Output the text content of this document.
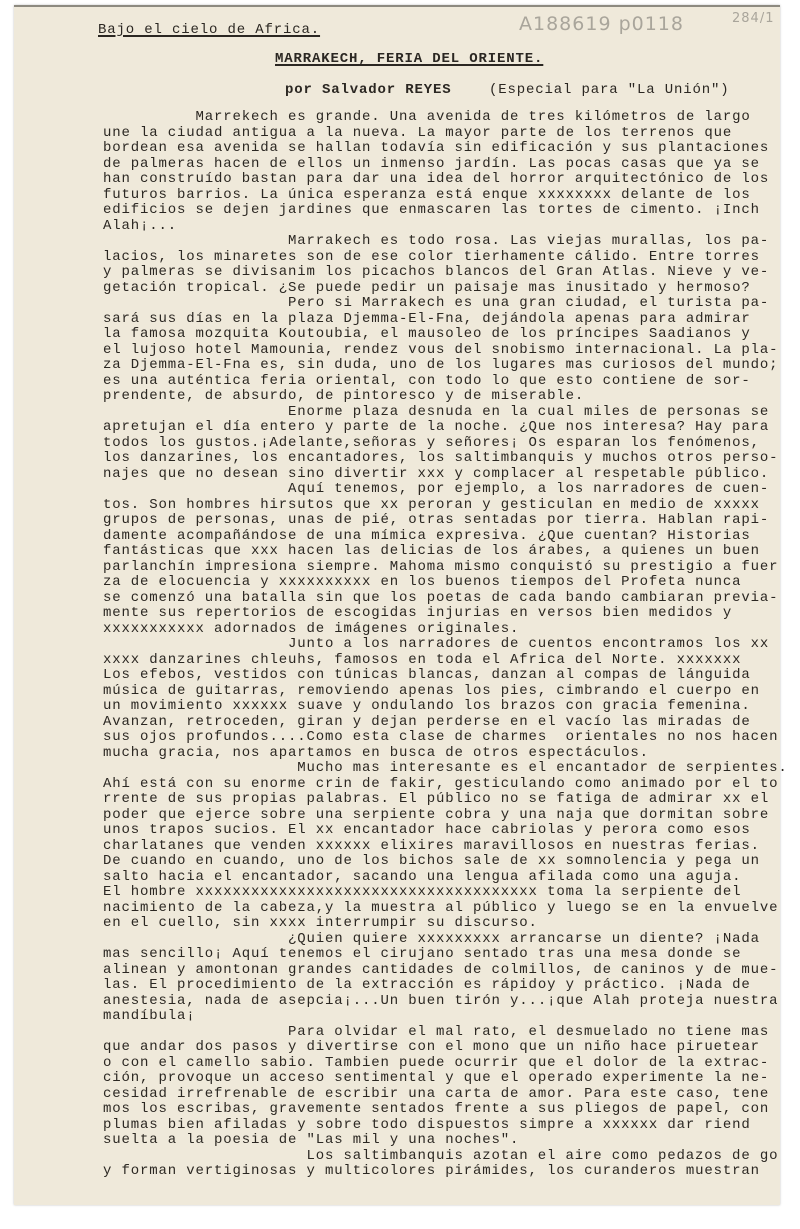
A188619 p0118	284/1
Bajo el cielo de Africa.
MARRAKECH, FERIA DEL ORIENTE.
por Salvador REYES	(Especial para "La Unión")
Marrekech es grande. Una avenida de tres kilómetros de largo
une la ciudad antigua a la nueva. La mayor parte de los terrenos que
bordean esa avenida se hallan todavía sin edificación y sus plantaciones
de palmeras hacen de ellos un inmenso jardín. Las pocas casas que ya se
han construído bastan para dar una idea del horror arquitectónico de los
futuros barrios. La única esperanza está enque xxxxxxxx delante de los
edificios se dejen jardines que enmascaren las tortes de cimento. ¡Inch
Alah¡...
Marrakech es todo rosa. Las viejas murallas, los pa-
lacios, los minaretes son de ese color tierhamente cálido. Entre torres
y palmeras se divisanim los picachos blancos del Gran Atlas. Nieve y ve-
getación tropical. ¿Se puede pedir un paisaje mas inusitado y hermoso?
Pero si Marrakech es una gran ciudad, el turista pa-
sará sus días en la plaza Djemma-El-Fna, dejándola apenas para admirar
la famosa mozquita Koutoubia, el mausoleo de los príncipes Saadianos y
el lujoso hotel Mamounia, rendez vous del snobismo internacional. La pla-
za Djemma-El-Fna es, sin duda, uno de los lugares mas curiosos del mundo;
es una auténtica feria oriental, con todo lo que esto contiene de sor-
prendente, de absurdo, de pintoresco y de miserable.
Enorme plaza desnuda en la cual miles de personas se
apretujan el día entero y parte de la noche. ¿Que nos interesa? Hay para
todos los gustos.¡Adelante,señoras y señores¡ Os esparan los fenómenos,
los danzarines, los encantadores, los saltimbanquis y muchos otros perso-
najes que no desean sino divertir xxx y complacer al respetable público.
Aquí tenemos, por ejemplo, a los narradores de cuen-
tos. Son hombres hirsutos que xx peroran y gesticulan en medio de xxxxx
grupos de personas, unas de pié, otras sentadas por tierra. Hablan rapi-
damente acompañándose de una mímica expresiva. ¿Que cuentan? Historias
fantásticas que xxx hacen las delicias de los árabes, a quienes un buen
parlanchín impresiona siempre. Mahoma mismo conquistó su prestigio a fuer
za de elocuencia y xxxxxxxxxx en los buenos tiempos del Profeta nunca
se comenzó una batalla sin que los poetas de cada bando cambiaran previa-
mente sus repertorios de escogidas injurias en versos bien medidos y
xxxxxxxxxxx adornados de imágenes originales.
Junto a los narradores de cuentos encontramos los xx
xxxx danzarines chleuhs, famosos en toda el Africa del Norte. xxxxxxx
Los efebos, vestidos con túnicas blancas, danzan al compas de lánguida
música de guitarras, removiendo apenas los pies, cimbrando el cuerpo en
un movimiento xxxxxx suave y ondulando los brazos con gracia femenina.
Avanzan, retroceden, giran y dejan perderse en el vacío las miradas de
sus ojos profundos....Como esta clase de charmes  orientales no nos hacen
mucha gracia, nos apartamos en busca de otros espectáculos.
Mucho mas interesante es el encantador de serpientes.
Ahí está con su enorme crin de fakir, gesticulando como animado por el to
rrente de sus propias palabras. El público no se fatiga de admirar xx el
poder que ejerce sobre una serpiente cobra y una naja que dormitan sobre
unos trapos sucios. El xx encantador hace cabriolas y perora como esos
charlatanes que venden xxxxxx elixires maravillosos en nuestras ferias.
De cuando en cuando, uno de los bichos sale de xx somnolencia y pega un
salto hacia el encantador, sacando una lengua afilada como una aguja.
El hombre xxxxxxxxxxxxxxxxxxxxxxxxxxxxxxxxxxxxx toma la serpiente del
nacimiento de la cabeza,y la muestra al público y luego se en la envuelve
en el cuello, sin xxxx interrumpir su discurso.
¿Quien quiere xxxxxxxxx arrancarse un diente? ¡Nada
mas sencillo¡ Aquí tenemos el cirujano sentado tras una mesa donde se
alinean y amontonan grandes cantidades de colmillos, de caninos y de mue-
las. El procedimiento de la extracción es rápidoy y práctico. ¡Nada de
anestesia, nada de asepcia¡...Un buen tirón y...¡que Alah proteja nuestra
mandíbula¡
Para olvidar el mal rato, el desmuelado no tiene mas
que andar dos pasos y divertirse con el mono que un niño hace piruetear
o con el camello sabio. Tambien puede ocurrir que el dolor de la extrac-
ción, provoque un acceso sentimental y que el operado experimente la ne-
cesidad irrefrenable de escribir una carta de amor. Para este caso, tene
mos los escribas, gravemente sentados frente a sus pliegos de papel, con
plumas bien afiladas y sobre todo dispuestos simpre a xxxxxx dar riend
suelta a la poesia de "Las mil y una noches".
Los saltimbanquis azotan el aire como pedazos de go
y forman vertiginosas y multicolores pirámides, los curanderos muestran
